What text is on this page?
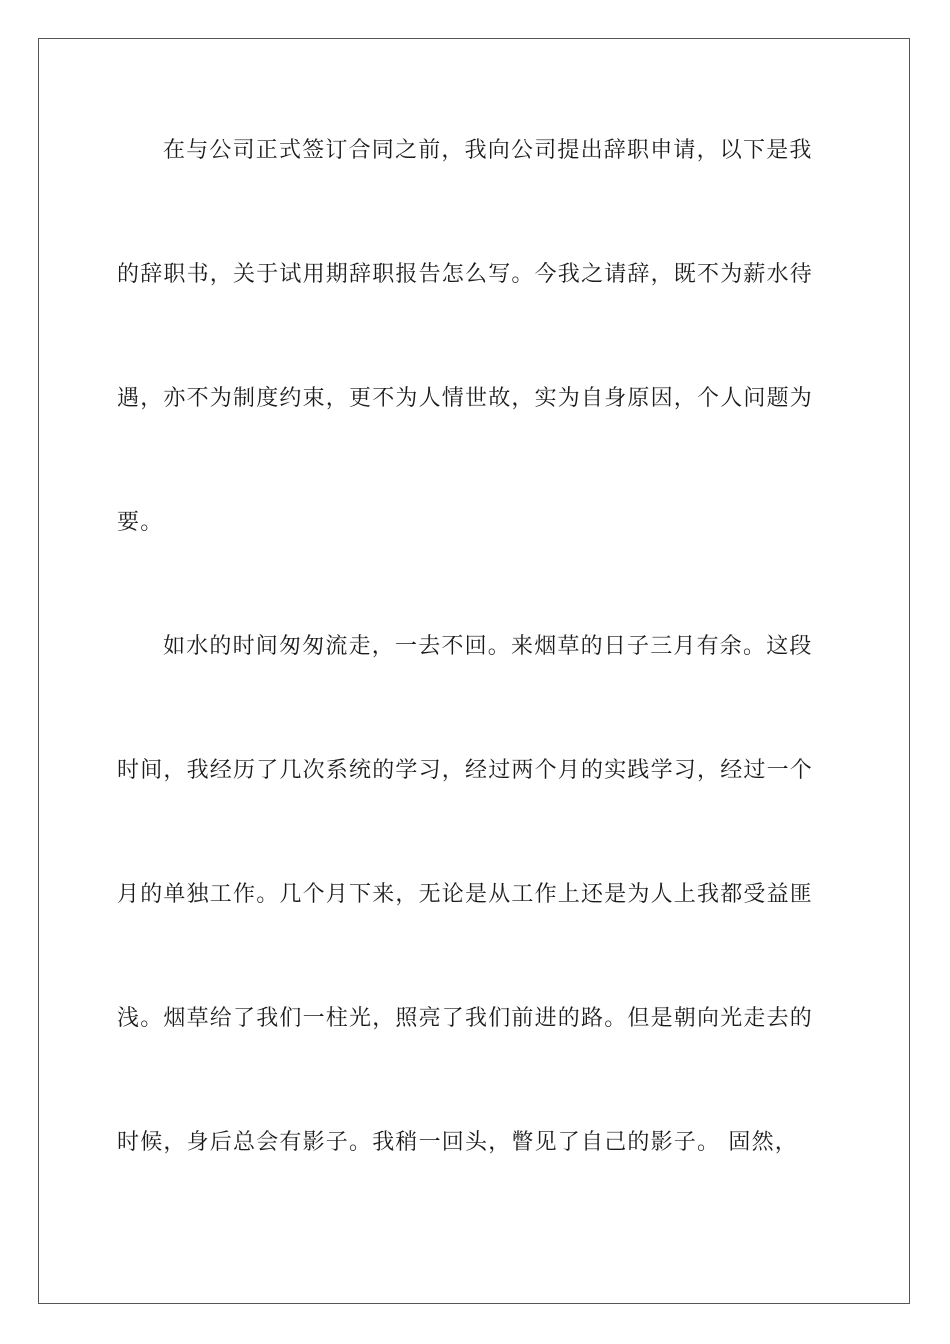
在与公司正式签订合同之前，我向公司提出辞职申请，以下是我
的辞职书，关于试用期辞职报告怎么写。今我之请辞，既不为薪水待
遇，亦不为制度约束，更不为人情世故，实为自身原因，个人问题为
要。
如水的时间匆匆流走，一去不回。来烟草的日子三月有余。这段
时间，我经历了几次系统的学习，经过两个月的实践学习，经过一个
月的单独工作。几个月下来，无论是从工作上还是为人上我都受益匪
浅。烟草给了我们一柱光，照亮了我们前进的路。但是朝向光走去的
时候，身后总会有影子。我稍一回头，瞥见了自己的影子。 固然，
